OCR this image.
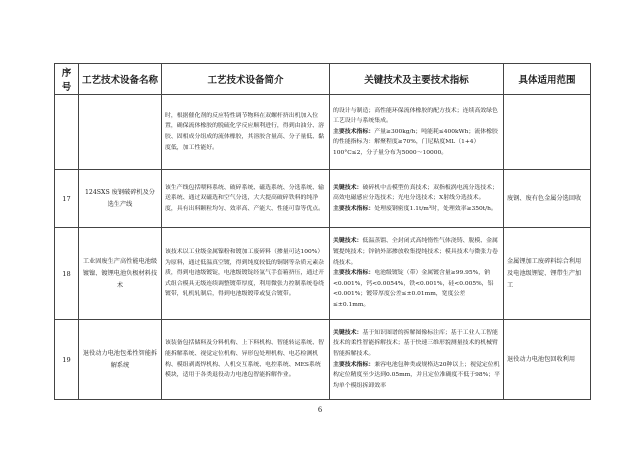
序号	工艺技术设备名称	工艺技术设备简介	关键技术及主要技术指标	具体适用范围
		时，根据催化剂的反应特性调节物料在双螺杆挤出机加入位置，确保流体橡胶的脱硫化学反应顺利进行，得到由油分、溶胶、固相成分组成的流体橡胶，其溶胶含量高、分子量低、黏度低，加工性能好。	的设计与制造；高性能环保流体橡胶的配方技术；连续高效绿色工艺设计与系统集成。
主要技术指标：产量≥300kg/h；吨能耗≤400kWh；流体橡胶的性能指标为：解聚程度≥70%，门尼粘度ML（1+4）100°C≤2，分子量分布为5000～10000。	

17	124SXS 废钢破碎机及分选生产线	该生产线包括喂料系统、破碎系统、磁选系统、分选系统、输送系统、通过双磁选和空气分选，大大提高破碎铁料的纯净度，具有出料颗粒均匀、效率高、产能大、性能可靠等优点。	关键技术：破碎机中击模型仿真技术；双指板涡电流分选技术；高效电磁感应分选技术；光电分选技术；X射线分选技术。
主要技术指标：处理废钢密度1.1t/m³时，处理效率≥350t/h。	废钢、废有色金属分选回收
18	工业固废生产高性能电池级镀镍、镀锂电池负极材料技术	该技术以工业级金属镍粉和镀加工废碎料（掺量可达100%）为原料，通过低温真空镀，得到纯度较低的铜钢等杂质元素杂质，得到电池级镀锭，电池级镀锭经氩气手套箱挤压，通过开式组合模具无级连续调整镀带厚度，利用微张力控制系统卷绕镀带，轧机轧制后，得到电池级镀带或复合镀带。	关键技术：低温蒸馏、全封闭式高纯惰性气体浇铸、脱模、金属镀提纯技术；锌钠外部掺放收集提纯技术；模具技术与微张力卷绕技术。
主要技术指标：电池级镀锭（带）金属镀含量≥99.95%，钠<0.001%，钙<0.0054%，铁<0.001%，硅<0.005%，铝<0.001%；镀带厚度公差≤±0.01mm，宽度公差≤±0.1mm。	金属锂加工废碎料综合利用及电池级锂锭、锂带生产加工
19	退役动力电池包柔性智能拆解系统	该装备包括储料及分料机构、上下料机构、智能转运系统、智能拆解系统、视觉定位机构、异形包处理机构、电芯检测机构、模组剥离焊机构、人机交互系统、电控系统、MES系统模块，适用于各类退役动力电池包智能拆解作业。	关键技术：基于知识图谱的拆解图像标注库；基于工业人工智能技术的柔性智能拆解技术；基于快速三维形貌测量技术的机械臂智能拆解技术。
主要技术指标：兼容电池包种类或规格达20种以上；视觉定位机构定位精度至少达到0.05mm，并且定位准确度不低于98%；平均单个模组拆卸效率	退役动力电池包回收利用
6
